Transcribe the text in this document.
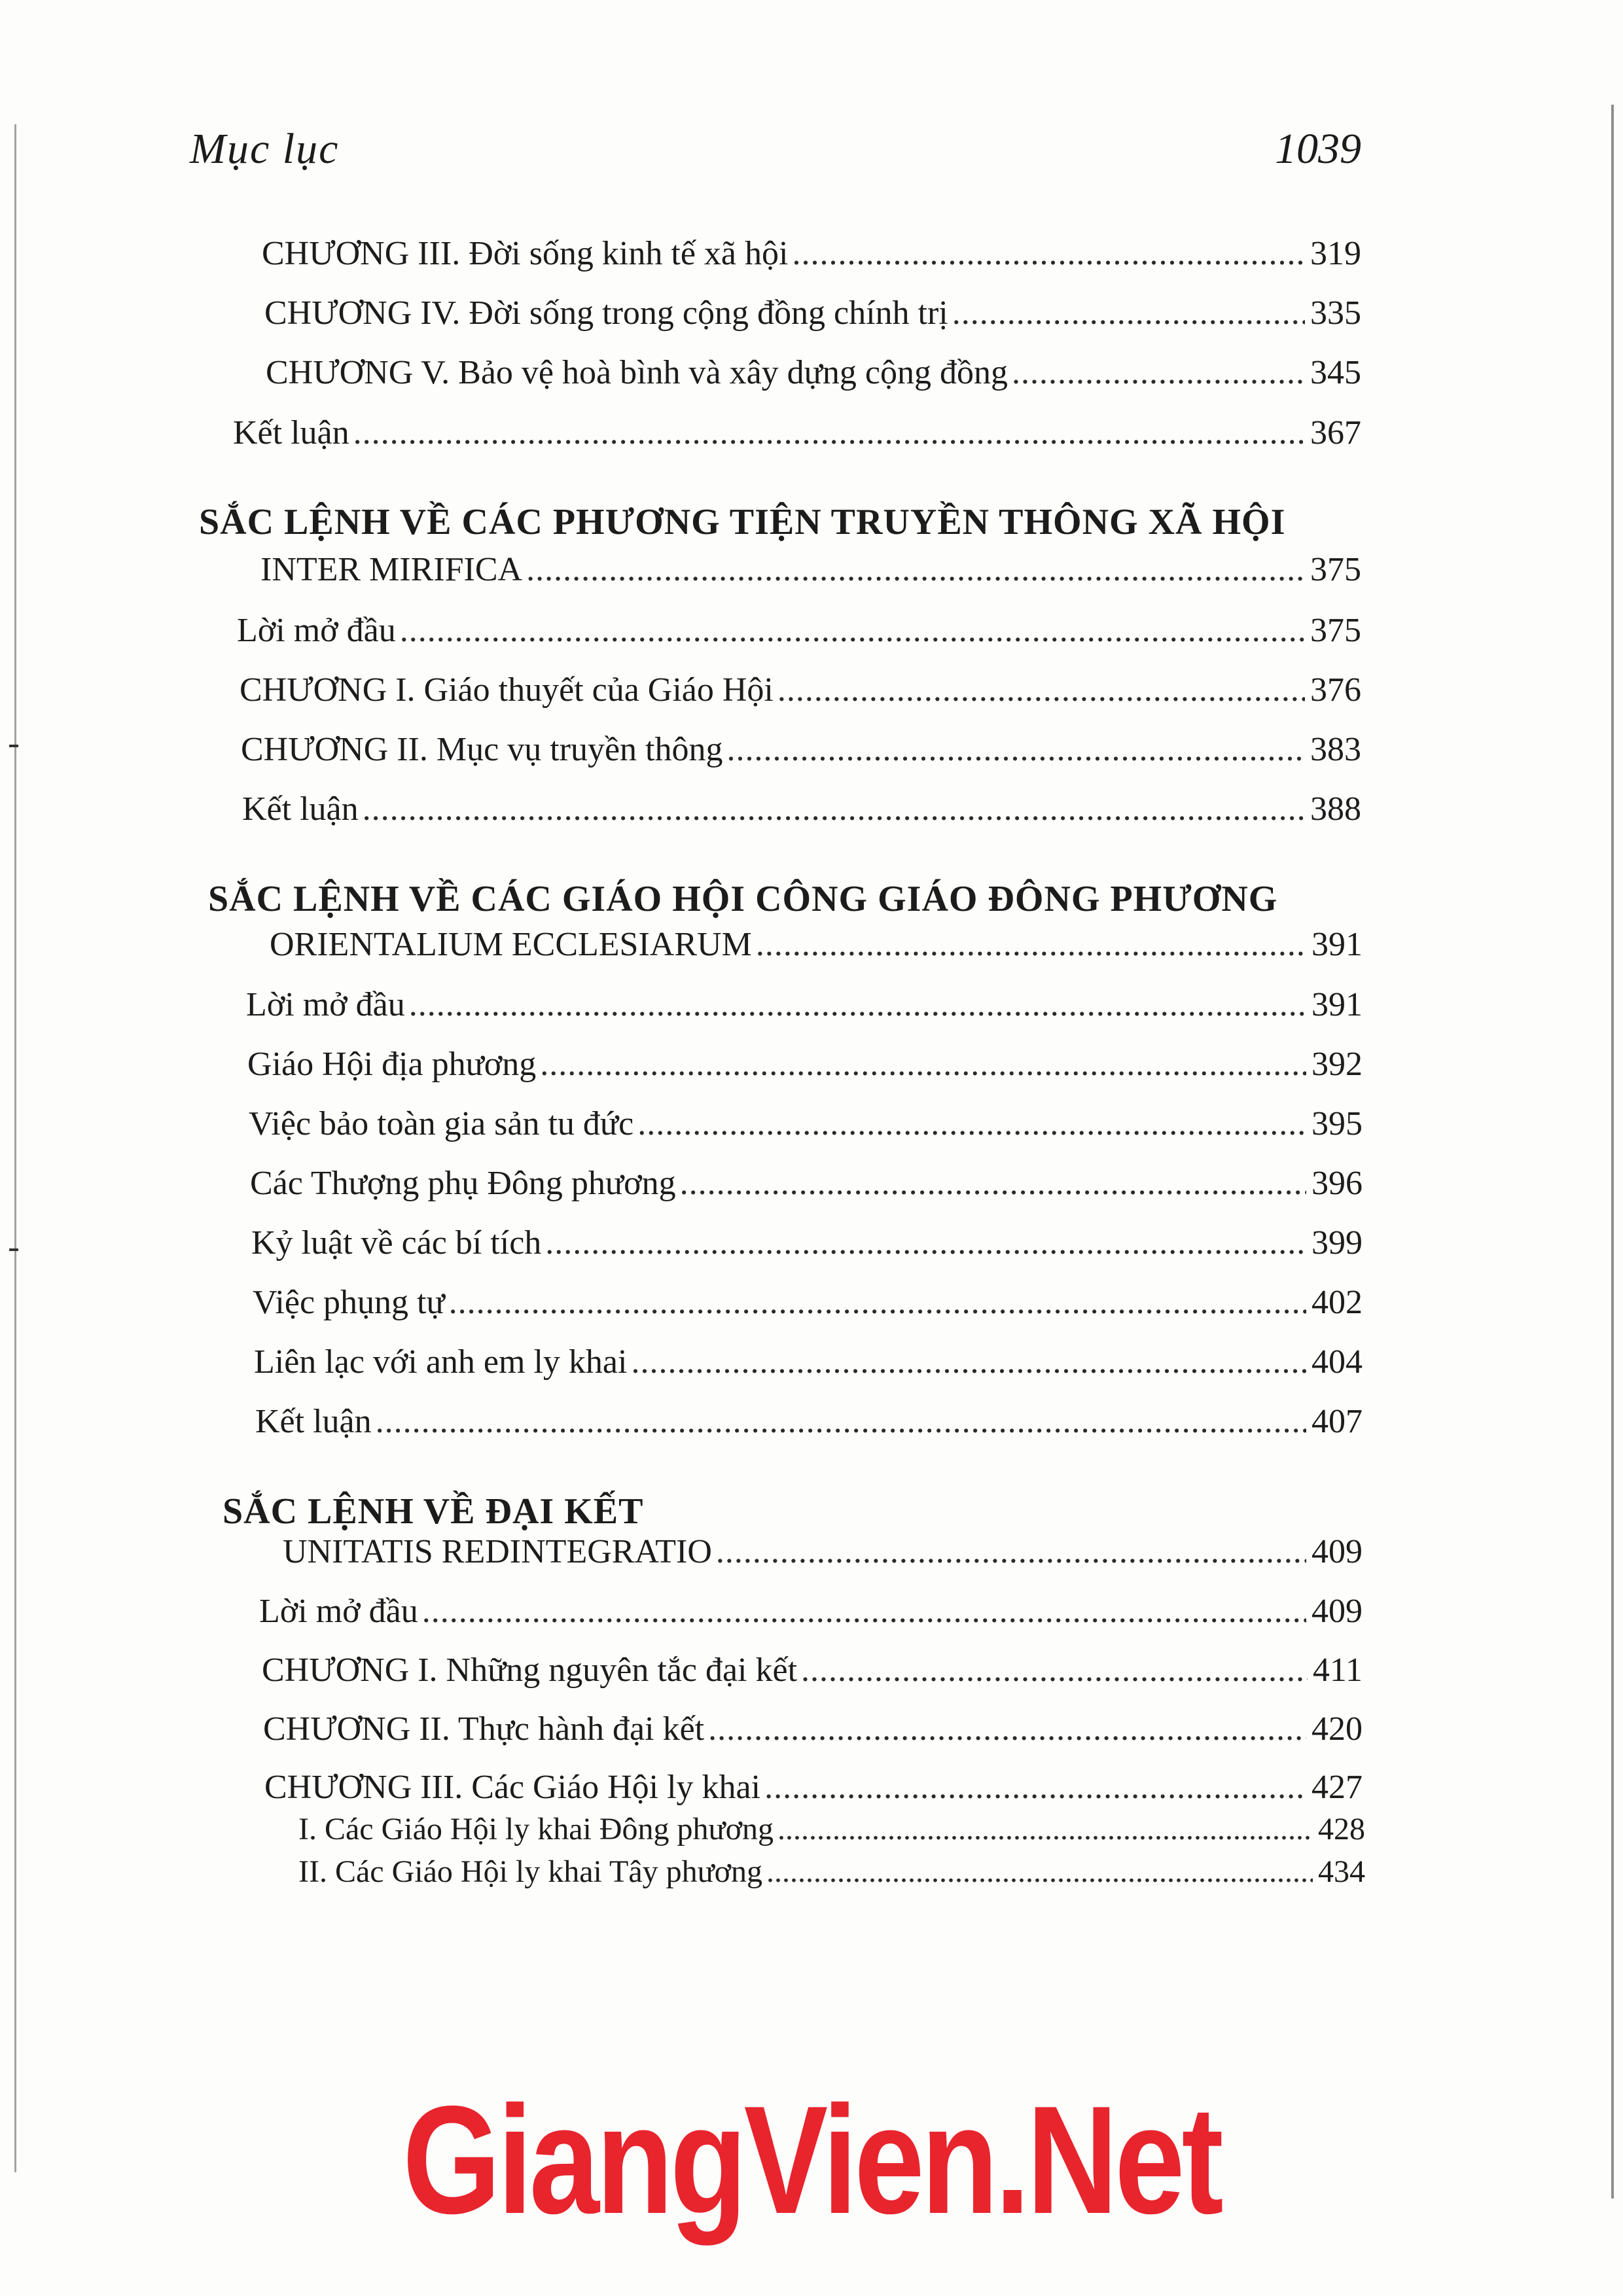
Mục lục	1039
CHƯƠNG III. Đời sống kinh tế xã hội . . .	319
CHƯƠNG IV. Đời sống trong cộng đồng chính trị . . .	335
CHƯƠNG V. Bảo vệ hoà bình và xây dựng cộng đồng . . .	345
Kết luận . . .	367
SẮC LỆNH VỀ CÁC PHƯƠNG TIỆN TRUYỀN THÔNG XÃ HỘI
INTER MIRIFICA . . .	375
Lời mở đầu . . .	375
CHƯƠNG I. Giáo thuyết của Giáo Hội . . .	376
CHƯƠNG II. Mục vụ truyền thông . . .	383
Kết luận . . .	388
SẮC LỆNH VỀ CÁC GIÁO HỘI CÔNG GIÁO ĐÔNG PHƯƠNG
ORIENTALIUM ECCLESIARUM . . .	391
Lời mở đầu . . .	391
Giáo Hội địa phương . . .	392
Việc bảo toàn gia sản tu đức . . .	395
Các Thượng phụ Đông phương . . .	396
Kỷ luật về các bí tích . . .	399
Việc phụng tự . . .	402
Liên lạc với anh em ly khai . . .	404
Kết luận . . .	407
SẮC LỆNH VỀ ĐẠI KẾT
UNITATIS REDINTEGRATIO . . .	409
Lời mở đầu . . .	409
CHƯƠNG I. Những nguyên tắc đại kết . . .	411
CHƯƠNG II. Thực hành đại kết . . .	420
CHƯƠNG III. Các Giáo Hội ly khai . . .	427
I. Các Giáo Hội ly khai Đông phương . . .	428
II. Các Giáo Hội ly khai Tây phương . . .	434
GiangVien.Net
